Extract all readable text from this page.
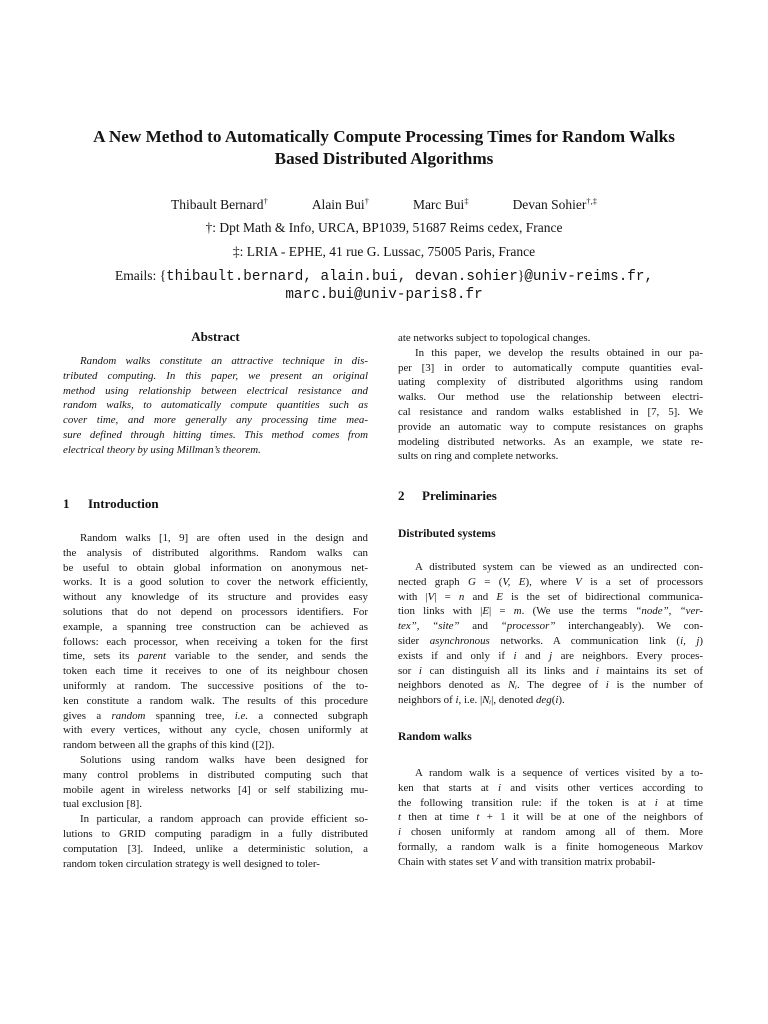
A New Method to Automatically Compute Processing Times for Random Walks
Based Distributed Algorithms
Thibault Bernard†	Alain Bui†	Marc Bui‡	Devan Sohier†,‡
†: Dpt Math & Info, URCA, BP1039, 51687 Reims cedex, France
‡: LRIA - EPHE, 41 rue G. Lussac, 75005 Paris, France
Emails: {thibault.bernard, alain.bui, devan.sohier}@univ-reims.fr,
marc.bui@univ-paris8.fr
Abstract
Random walks constitute an attractive technique in dis-
tributed computing. In this paper, we present an original
method using relationship between electrical resistance and
random walks, to automatically compute quantities such as
cover time, and more generally any processing time mea-
sure defined through hitting times. This method comes from
electrical theory by using Millman’s theorem.
1 Introduction
Random walks [1, 9] are often used in the design and
the analysis of distributed algorithms. Random walks can
be useful to obtain global information on anonymous net-
works. It is a good solution to cover the network efficiently,
without any knowledge of its structure and provides easy
solutions that do not depend on processors identifiers. For
example, a spanning tree construction can be achieved as
follows: each processor, when receiving a token for the first
time, sets its parent variable to the sender, and sends the
token each time it receives to one of its neighbour chosen
uniformly at random. The successive positions of the to-
ken constitute a random walk. The results of this procedure
gives a random spanning tree, i.e. a connected subgraph
with every vertices, without any cycle, chosen uniformly at
random between all the graphs of this kind ([2]).
Solutions using random walks have been designed for
many control problems in distributed computing such that
mobile agent in wireless networks [4] or self stabilizing mu-
tual exclusion [8].
In particular, a random approach can provide efficient so-
lutions to GRID computing paradigm in a fully distributed
computation [3]. Indeed, unlike a deterministic solution, a
random token circulation strategy is well designed to toler-
ate networks subject to topological changes.
In this paper, we develop the results obtained in our pa-
per [3] in order to automatically compute quantities eval-
uating complexity of distributed algorithms using random
walks. Our method use the relationship between electri-
cal resistance and random walks established in [7, 5]. We
provide an automatic way to compute resistances on graphs
modeling distributed networks. As an example, we state re-
sults on ring and complete networks.
2 Preliminaries
Distributed systems
A distributed system can be viewed as an undirected con-
nected graph G = (V, E), where V is a set of processors
with |V| = n and E is the set of bidirectional communica-
tion links with |E| = m. (We use the terms “node”, “ver-
tex”, “site” and “processor” interchangeably). We con-
sider asynchronous networks. A communication link (i, j)
exists if and only if i and j are neighbors. Every proces-
sor i can distinguish all its links and i maintains its set of
neighbors denoted as Nᵢ. The degree of i is the number of
neighbors of i, i.e. |Nᵢ|, denoted deg(i).
Random walks
A random walk is a sequence of vertices visited by a to-
ken that starts at i and visits other vertices according to
the following transition rule: if the token is at i at time
t then at time t + 1 it will be at one of the neighbors of
i chosen uniformly at random among all of them. More
formally, a random walk is a finite homogeneous Markov
Chain with states set V and with transition matrix probabil-
